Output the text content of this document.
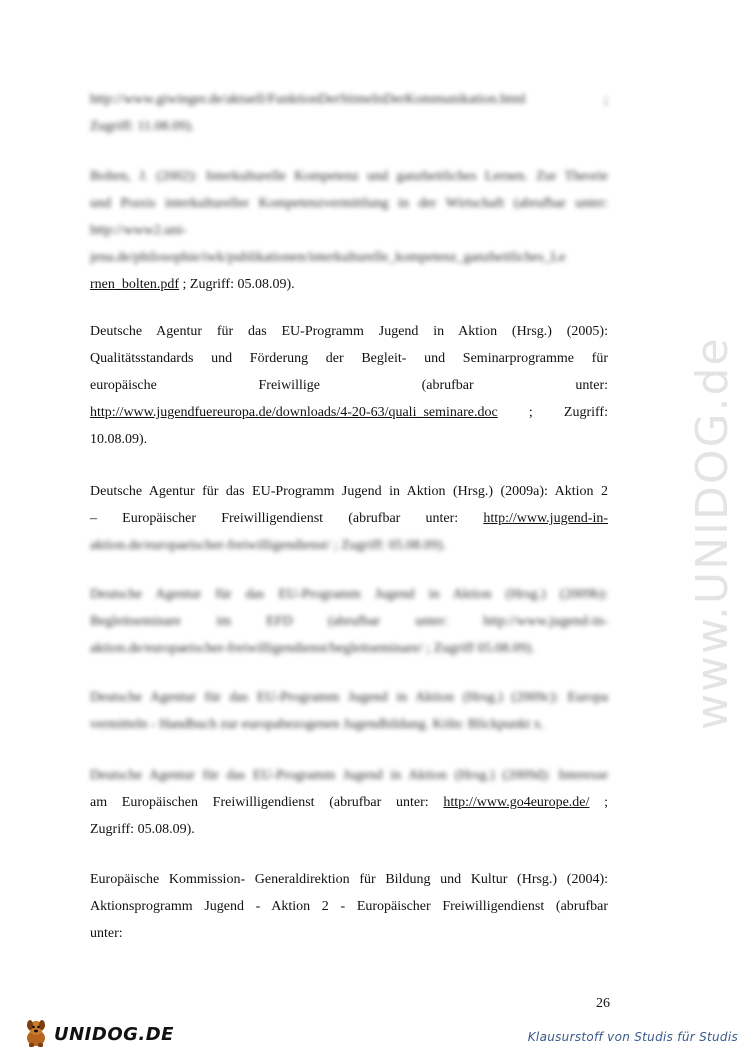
www.UNIDOG.de

http://www.giwinger.de/aktuell/FunktionDerStimeInDerKommunikation.html ;

Zugriff: 11.08.09).

Bolten, J. (2002): Interkulturelle Kompetenz und ganzheitliches Lernen. Zur Theorie

und Praxis interkultureller Kompetenzvermittlung in der Wirtschaft (abrufbar unter:

http://www2.uni-

jena.de/philosophie/iwk/publikationen/interkulturelle_kompetenz_ganzheitliches_Le

rnen_bolten.pdf ; Zugriff: 05.08.09).

Deutsche Agentur für das EU-Programm Jugend in Aktion (Hrsg.) (2005):

Qualitätsstandards und Förderung der Begleit- und Seminarprogramme für

europäische Freiwillige (abrufbar unter:

http://www.jugendfuereuropa.de/downloads/4-20-63/quali_seminare.doc ; Zugriff:

10.08.09).

Deutsche Agentur für das EU-Programm Jugend in Aktion (Hrsg.) (2009a): Aktion 2

– Europäischer Freiwilligendienst (abrufbar unter: http://www.jugend-in-

aktion.de/europaeischer-freiwilligendienst/ ; Zugriff: 05.08.09).

Deutsche Agentur für das EU-Programm Jugend in Aktion (Hrsg.) (2009b):

Begleitseminare im EFD (abrufbar unter: http://www.jugend-in-

aktion.de/europaeischer-freiwilligendienst/begleitseminare/ ; Zugriff 05.08.09).

Deutsche Agentur für das EU-Programm Jugend in Aktion (Hrsg.) (2009c): Europa

vermitteln - Handbuch zur europabezogenen Jugendbildung. Köln: Blickpunkt x.

Deutsche Agentur für das EU-Programm Jugend in Aktion (Hrsg.) (2009d): Interesse

am Europäischen Freiwilligendienst (abrufbar unter: http://www.go4europe.de/ ;

Zugriff: 05.08.09).

Europäische Kommission- Generaldirektion für Bildung und Kultur (Hrsg.) (2004):

Aktionsprogramm Jugend - Aktion 2 - Europäischer Freiwilligendienst (abrufbar

unter:

26
UNIDOG.DE	Klausurstoff von Studis für Studis
